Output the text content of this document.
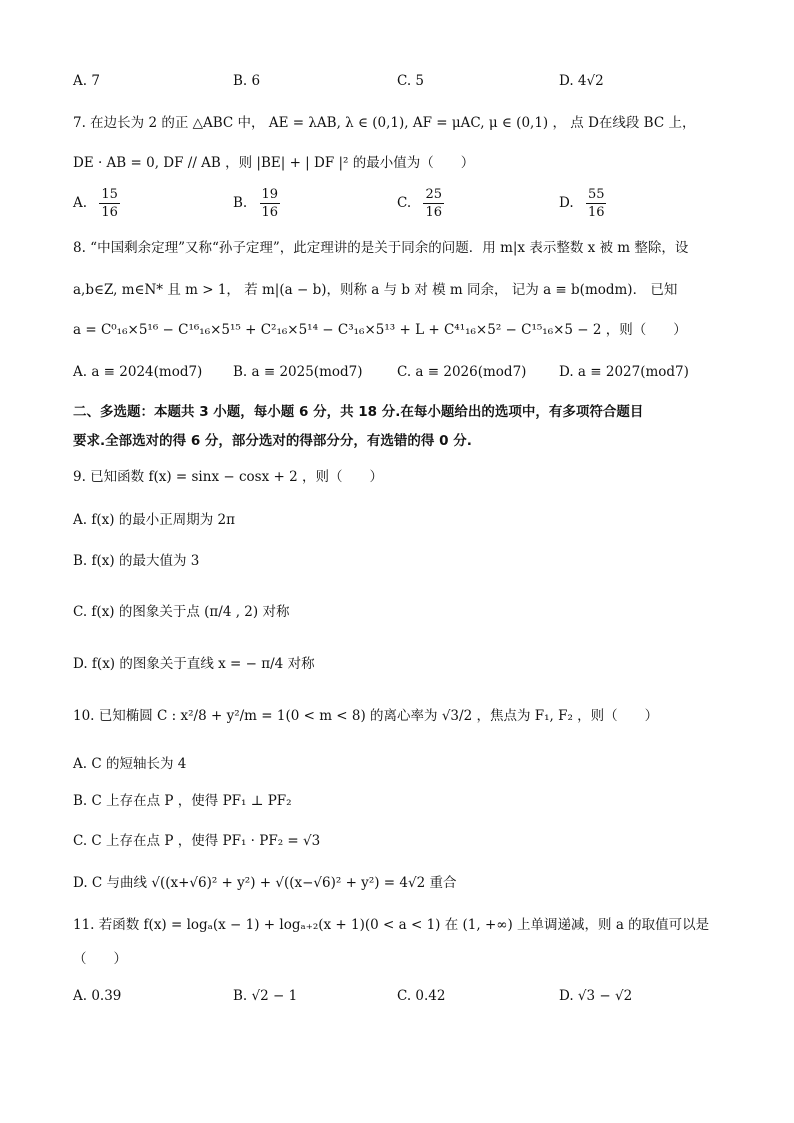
A. 7	B. 6	C. 5	D. 4√2
7. 在边长为 2 的正 △ABC 中， AE = λAB, λ ∈ (0,1), AF = μAC, μ ∈ (0,1) ， 点 D在线段 BC 上，
DE · AB = 0, DF // AB ，则 |BE| + | DF |² 的最小值为（　　）
A. $\frac{15}{16}$	B. $\frac{19}{16}$	C. $\frac{25}{16}$	D. $\frac{55}{16}$
8. “中国剩余定理”又称“孙子定理”，此定理讲的是关于同余的问题．用 m|x 表示整数 x 被 m 整除，设
a,b∈Z, m∈N* 且 m > 1， 若 m|(a − b)，则称 a 与 b 对 模 m 同余， 记为 a ≡ b(modm)． 已知
a = C⁰₁₆×5¹⁶ − C¹⁶₁₆×5¹⁵ + C²₁₆×5¹⁴ − C³₁₆×5¹³ + L + C⁴¹₁₆×5² − C¹⁵₁₆×5 − 2 ，则（　　）
A. a ≡ 2024(mod7) B. a ≡ 2025(mod7)	C. a ≡ 2026(mod7) D. a ≡ 2027(mod7)
二、多选题：本题共 3 小题，每小题 6 分，共 18 分.在每小题给出的选项中，有多项符合题目
要求.全部选对的得 6 分，部分选对的得部分分，有选错的得 0 分.
9. 已知函数 f(x) = sinx − cosx + 2 ，则（　　）
A. f(x) 的最小正周期为 2π
B. f(x) 的最大值为 3
C. f(x) 的图象关于点 (π/4 , 2) 对称
D. f(x) 的图象关于直线 x = − π/4 对称
10. 已知椭圆 C : x²/8 + y²/m = 1(0 < m < 8) 的离心率为 √3/2 ，焦点为 F₁, F₂ ，则（　　）
A. C 的短轴长为 4
B. C 上存在点 P ，使得 PF₁ ⊥ PF₂
C. C 上存在点 P ，使得 PF₁ · PF₂ = √3
D. C 与曲线 √((x+√6)² + y²) + √((x−√6)² + y²) = 4√2 重合
11. 若函数 f(x) = logₐ(x − 1) + logₐ₊₂(x + 1)(0 < a < 1) 在 (1, +∞) 上单调递减，则 a 的取值可以是
（　　）
A. 0.39	B. √2 − 1	C. 0.42	D. √3 − √2
